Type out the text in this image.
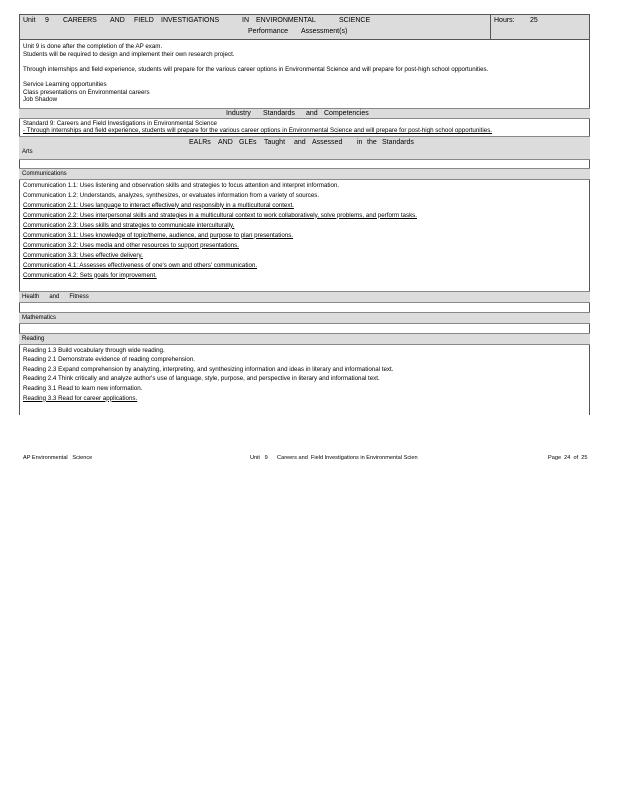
Unit 9 CAREERS AND FIELD INVESTIGATIONS	IN ENVIRONMENTAL	SCIENCE
Performance Assessment(s)
Hours: 25
Unit 9 is done after the completion of the AP exam.
Students will be required to design and implement their own research project.
Through internships and field experience, students will prepare for the various career options in Environmental Science and will prepare for post-high school opportunities.
Service Learning opportunities
Class presentations on Environmental careers
Job Shadow
Industry Standards and Competencies
Standard 9: Careers and Field Investigations in Environmental Science
- Through internships and field experience, students will prepare for the various career options in Environmental Science and will prepare for post-high school opportunities.
EALRs AND GLEs Taught and Assessed in the Standards
Arts
Communications
Communication 1.1: Uses listening and observation skills and strategies to focus attention and interpret information.
Communication 1.2: Understands, analyzes, synthesizes, or evaluates information from a variety of sources.
Communication 2.1: Uses language to interact effectively and responsibly in a multicultural context.
Communication 2.2: Uses interpersonal skills and strategies in a multicultural context to work collaboratively, solve problems, and perform tasks.
Communication 2.3: Uses skills and strategies to communicate interculturally.
Communication 3.1: Uses knowledge of topic/theme, audience, and purpose to plan presentations.
Communication 3.2: Uses media and other resources to support presentations.
Communication 3.3: Uses effective delivery.
Communication 4.1: Assesses effectiveness of one's own and others' communication.
Communication 4.2: Sets goals for improvement.
Health      and      Fitness
Mathematics
Reading
Reading 1.3 Build vocabulary through wide reading.
Reading 2.1 Demonstrate evidence of reading comprehension.
Reading 2.3 Expand comprehension by analyzing, interpreting, and synthesizing information and ideas in literary and informational text.
Reading 2.4 Think critically and analyze author's use of language, style, purpose, and perspective in literary and informational text.
Reading 3.1 Read to learn new information.
Reading 3.3 Read for career applications.
AP Environmental   Science	Unit   9      Careers and  Field Investigations in Environmental Scien	Page  24  of  25
